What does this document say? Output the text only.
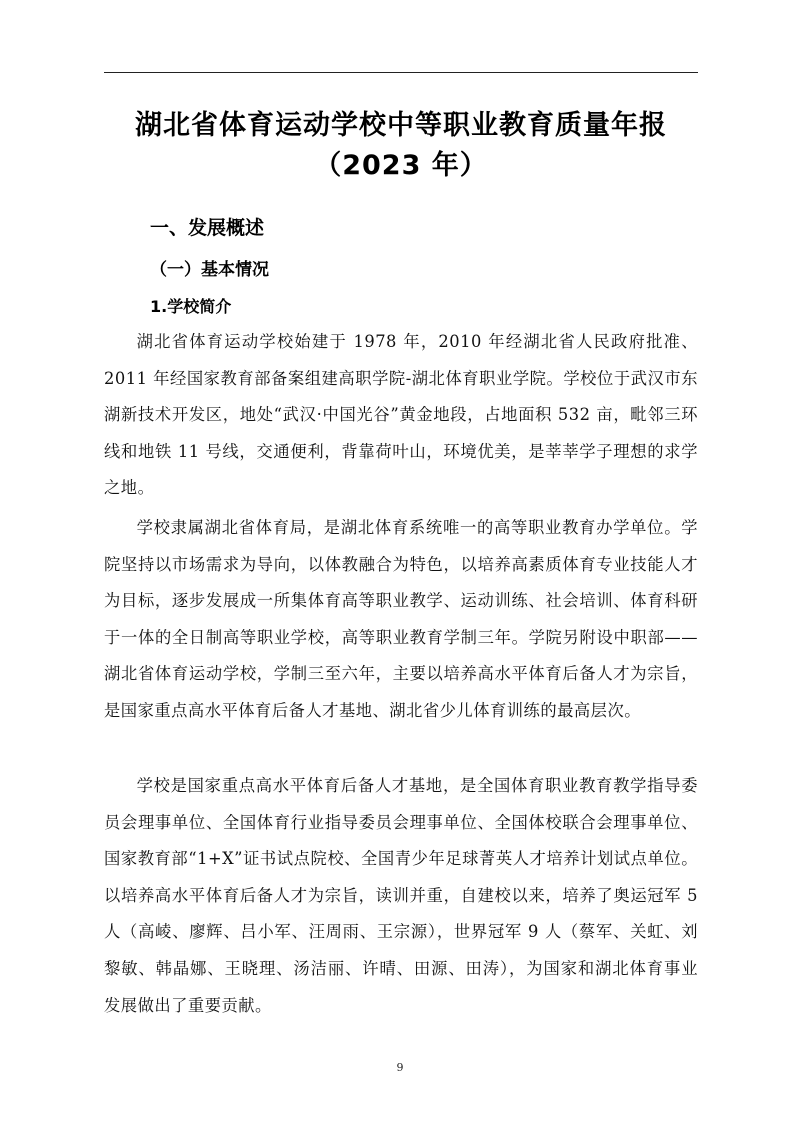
湖北省体育运动学校中等职业教育质量年报
（2023 年）
一、发展概述
（一）基本情况
1.学校简介

湖北省体育运动学校始建于 1978 年，2010 年经湖北省人民政府批准、2011 年经国家教育部备案组建高职学院-湖北体育职业学院。学校位于武汉市东湖新技术开发区，地处“武汉·中国光谷”黄金地段，占地面积 532 亩，毗邻三环线和地铁 11 号线，交通便利，背靠荷叶山，环境优美，是莘莘学子理想的求学之地。

学校隶属湖北省体育局，是湖北体育系统唯一的高等职业教育办学单位。学院坚持以市场需求为导向，以体教融合为特色，以培养高素质体育专业技能人才为目标，逐步发展成一所集体育高等职业教学、运动训练、社会培训、体育科研于一体的全日制高等职业学校，高等职业教育学制三年。学院另附设中职部——湖北省体育运动学校，学制三至六年，主要以培养高水平体育后备人才为宗旨，是国家重点高水平体育后备人才基地、湖北省少儿体育训练的最高层次。

学校是国家重点高水平体育后备人才基地，是全国体育职业教育教学指导委员会理事单位、全国体育行业指导委员会理事单位、全国体校联合会理事单位、国家教育部“1+X”证书试点院校、全国青少年足球菁英人才培养计划试点单位。以培养高水平体育后备人才为宗旨，读训并重，自建校以来，培养了奥运冠军 5 人（高崚、廖辉、吕小军、汪周雨、王宗源），世界冠军 9 人（蔡军、关虹、刘黎敏、韩晶娜、王晓理、汤洁丽、许晴、田源、田涛），为国家和湖北体育事业发展做出了重要贡献。

9
